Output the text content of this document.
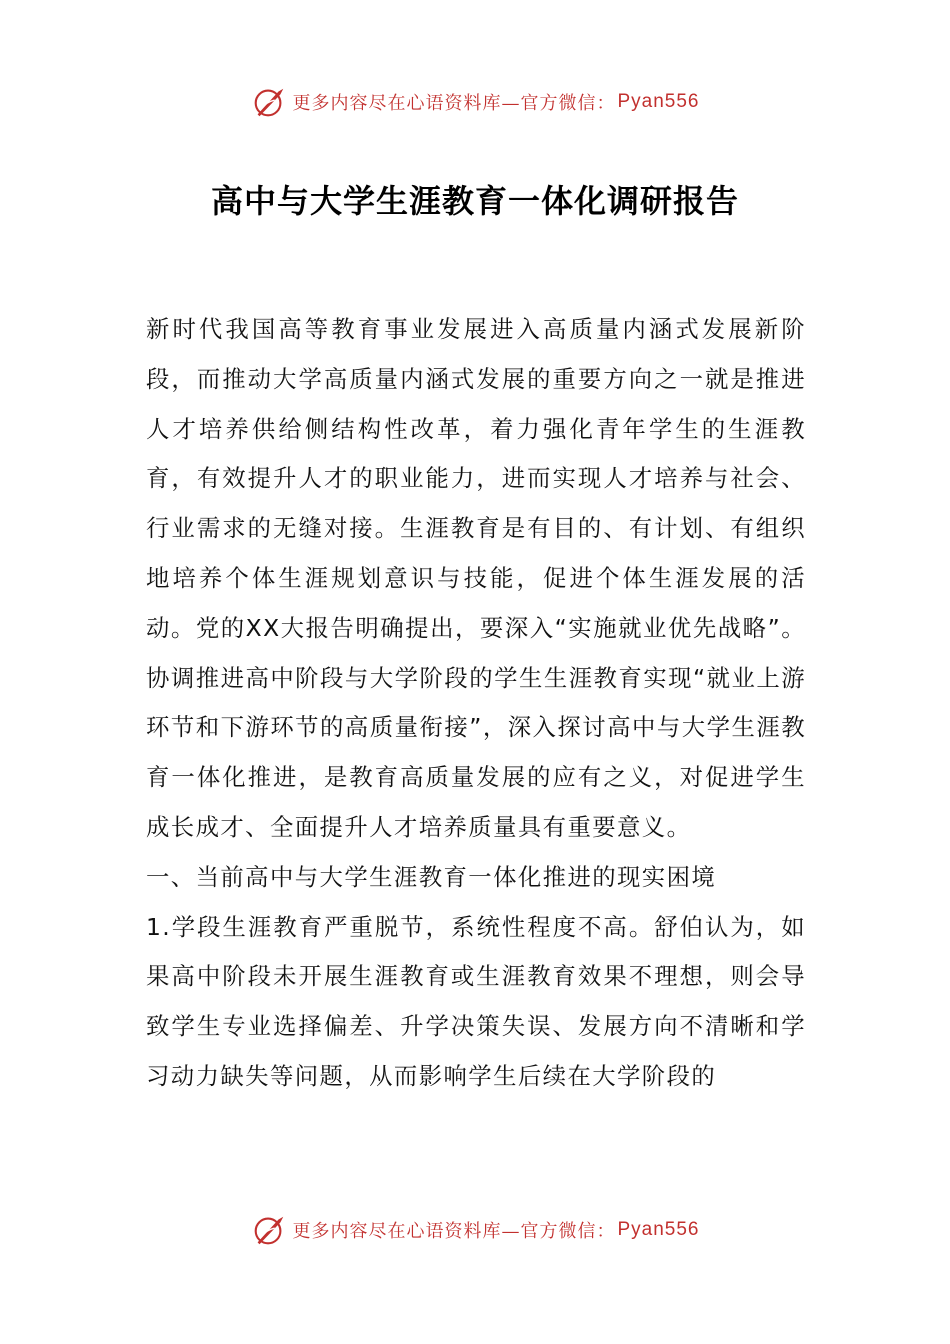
更多内容尽在心语资料库—官方微信： Pyan556
高中与大学生涯教育一体化调研报告

新时代我国高等教育事业发展进入高质量内涵式发展新阶段，而推动大学高质量内涵式发展的重要方向之一就是推进人才培养供给侧结构性改革，着力强化青年学生的生涯教育，有效提升人才的职业能力，进而实现人才培养与社会、行业需求的无缝对接。生涯教育是有目的、有计划、有组织地培养个体生涯规划意识与技能，促进个体生涯发展的活动。党的XX大报告明确提出，要深入“实施就业优先战略”。协调推进高中阶段与大学阶段的学生生涯教育实现“就业上游环节和下游环节的高质量衔接”，深入探讨高中与大学生涯教育一体化推进，是教育高质量发展的应有之义，对促进学生成长成才、全面提升人才培养质量具有重要意义。

一、当前高中与大学生涯教育一体化推进的现实困境

1.学段生涯教育严重脱节，系统性程度不高。舒伯认为，如果高中阶段未开展生涯教育或生涯教育效果不理想，则会导致学生专业选择偏差、升学决策失误、发展方向不清晰和学习动力缺失等问题，从而影响学生后续在大学阶段的

更多内容尽在心语资料库—官方微信： Pyan556
